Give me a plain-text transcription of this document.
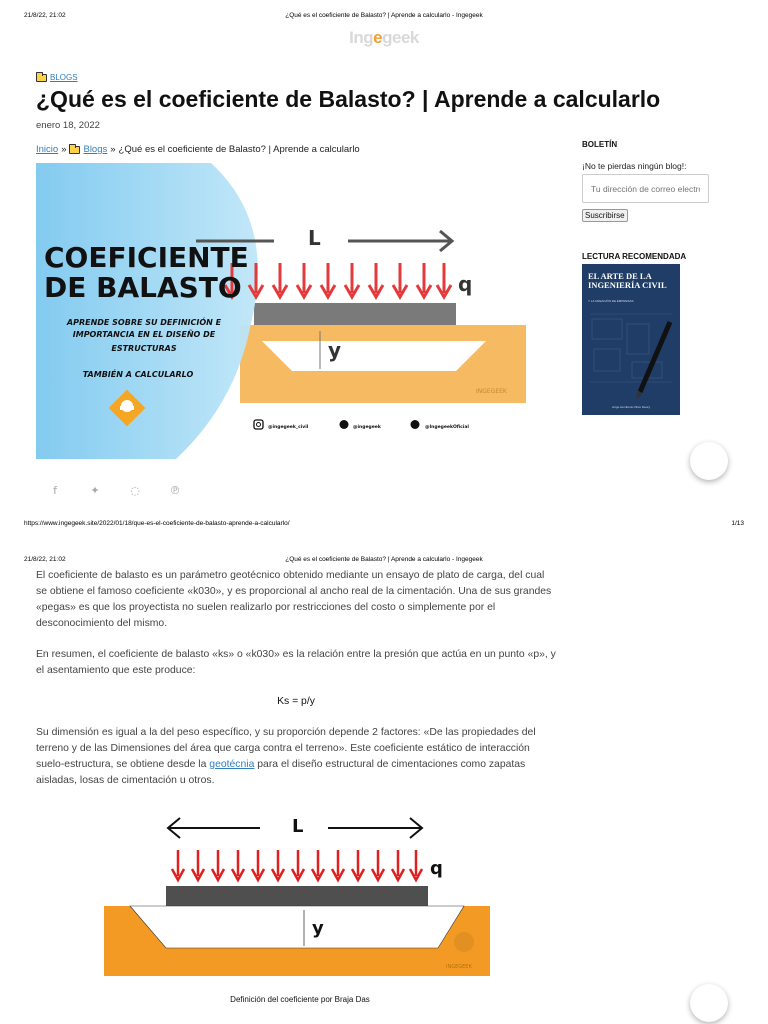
21/8/22, 21:02	¿Qué es el coeficiente de Balasto? | Aprende a calcularlo - Ingegeek
Ingegeek
BLOGS
¿Qué es el coeficiente de Balasto? | Aprende a calcularlo
enero 18, 2022
Inicio » Blogs » ¿Qué es el coeficiente de Balasto? | Aprende a calcularlo
L
q
y
INGEGEEK
COEFICIENTE
DE BALASTO
APRENDE SOBRE SU DEFINICIÓN E
IMPORTANCIA EN EL DISEÑO DE
ESTRUCTURAS
TAMBIÉN A CALCULARLO
@ingegeek_civil	@ingegeek	@IngegeekOficial
f	✦	◌	℗
BOLETÍN
¡No te pierdas ningún blog!:
Tu dirección de correo electrónico
Suscribirse
LECTURA RECOMENDADA
EL ARTE DE LA
INGENIERÍA CIVIL
Y LA CREACIÓN DE EMPRESAS
Jorge Humberto Olivo Fleury
https://www.ingegeek.site/2022/01/18/que-es-el-coeficiente-de-balasto-aprende-a-calcularlo/	1/13
21/8/22, 21:02	¿Qué es el coeficiente de Balasto? | Aprende a calcularlo - Ingegeek

El coeficiente de balasto es un parámetro geotécnico obtenido mediante un ensayo de plato de carga, del cual se obtiene el famoso coeficiente «k030», y es proporcional al ancho real de la cimentación. Una de sus grandes «pegas» es que los proyectista no suelen realizarlo por restricciones del costo o simplemente por el desconocimiento del mismo.

En resumen, el coeficiente de balasto «ks» o «k030» es la relación entre la presión que actúa en un punto «p», y el asentamiento que este produce:

Ks = p/y

Su dimensión es igual a la del peso específico, y su proporción depende 2 factores: «De las propiedades del terreno y de las Dimensiones del área que carga contra el terreno». Este coeficiente estático de interacción suelo-estructura, se obtiene desde la geotécnia para el diseño estructural de cimentaciones como zapatas aisladas, losas de cimentación u otros.

L
q
y
INGEGEEK
Definición del coeficiente por Braja Das
